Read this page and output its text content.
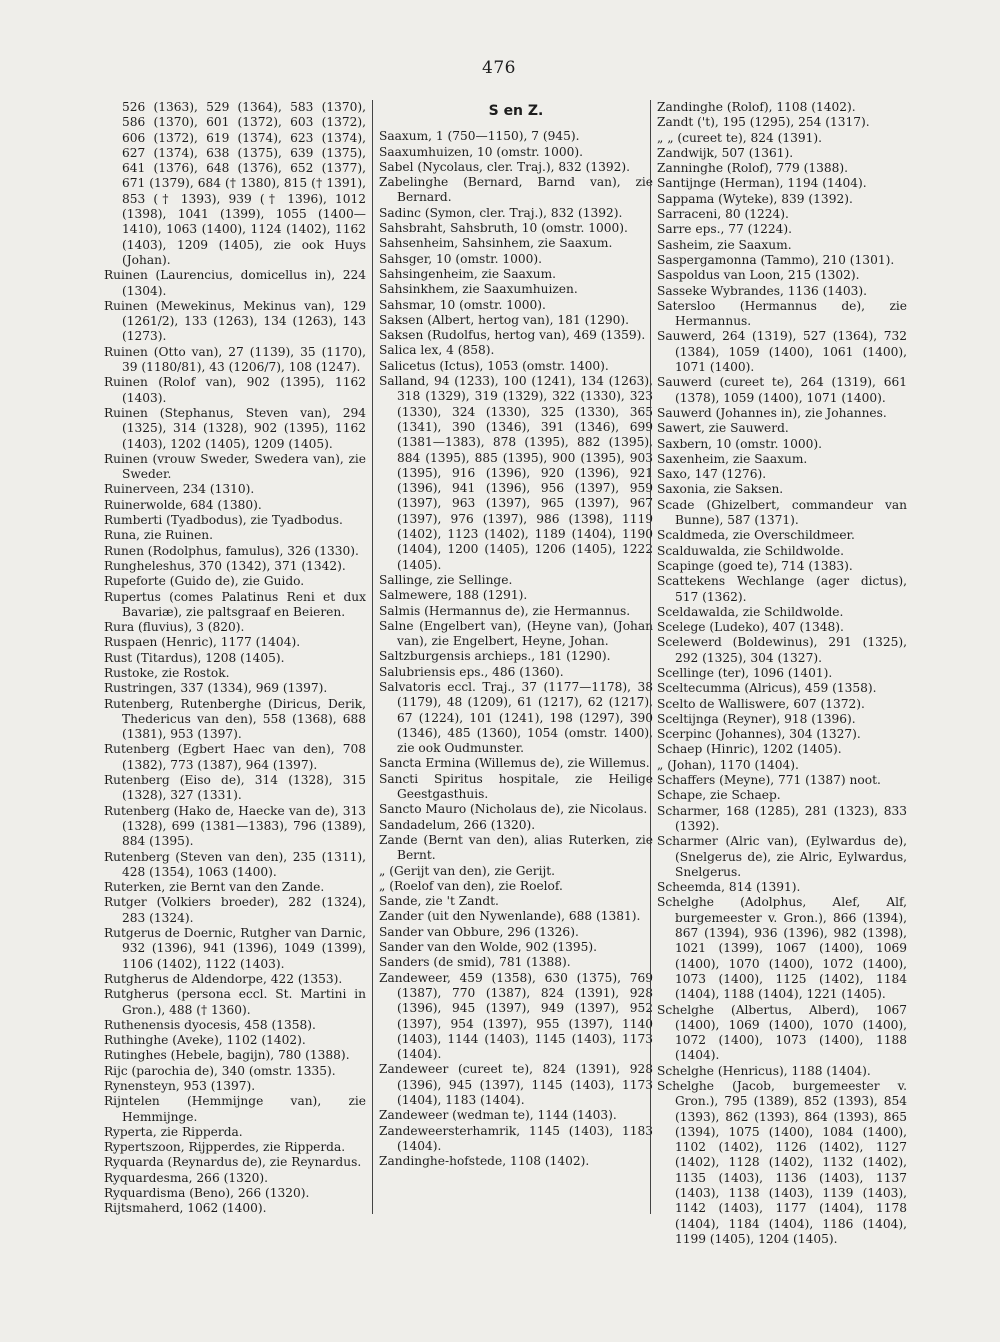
476

526 (1363), 529 (1364), 583 (1370), 586 (1370), 601 (1372), 603 (1372), 606 (1372), 619 (1374), 623 (1374), 627 (1374), 638 (1375), 639 (1375), 641 (1376), 648 (1376), 652 (1377), 671 (1379), 684 († 1380), 815 († 1391), 853 († 1393), 939 († 1396), 1012 (1398), 1041 (1399), 1055 (1400—1410), 1063 (1400), 1124 (1402), 1162 (1403), 1209 (1405), zie ook Huys (Johan).

Ruinen (Laurencius, domicellus in), 224 (1304).

Ruinen (Mewekinus, Mekinus van), 129 (1261/2), 133 (1263), 134 (1263), 143 (1273).

Ruinen (Otto van), 27 (1139), 35 (1170), 39 (1180/81), 43 (1206/7), 108 (1247).

Ruinen (Rolof van), 902 (1395), 1162 (1403).

Ruinen (Stephanus, Steven van), 294 (1325), 314 (1328), 902 (1395), 1162 (1403), 1202 (1405), 1209 (1405).

Ruinen (vrouw Sweder, Swedera van), zie Sweder.

Ruinerveen, 234 (1310).

Ruinerwolde, 684 (1380).

Rumberti (Tyadbodus), zie Tyadbodus.

Runa, zie Ruinen.

Runen (Rodolphus, famulus), 326 (1330).

Rungheleshus, 370 (1342), 371 (1342).

Rupeforte (Guido de), zie Guido.

Rupertus (comes Palatinus Reni et dux Bavariæ), zie paltsgraaf en Beieren.

Rura (fluvius), 3 (820).

Ruspaen (Henric), 1177 (1404).

Rust (Titardus), 1208 (1405).

Rustoke, zie Rostok.

Rustringen, 337 (1334), 969 (1397).

Rutenberg, Rutenberghe (Diricus, Derik, Thedericus van den), 558 (1368), 688 (1381), 953 (1397).

Rutenberg (Egbert Haec van den), 708 (1382), 773 (1387), 964 (1397).

Rutenberg (Eiso de), 314 (1328), 315 (1328), 327 (1331).

Rutenberg (Hako de, Haecke van de), 313 (1328), 699 (1381—1383), 796 (1389), 884 (1395).

Rutenberg (Steven van den), 235 (1311), 428 (1354), 1063 (1400).

Ruterken, zie Bernt van den Zande.

Rutger (Volkiers broeder), 282 (1324), 283 (1324).

Rutgerus de Doernic, Rutgher van Darnic, 932 (1396), 941 (1396), 1049 (1399), 1106 (1402), 1122 (1403).

Rutgherus de Aldendorpe, 422 (1353).

Rutgherus (persona eccl. St. Martini in Gron.), 488 († 1360).

Ruthenensis dyocesis, 458 (1358).

Ruthinghe (Aveke), 1102 (1402).

Rutinghes (Hebele, bagijn), 780 (1388).

Rijc (parochia de), 340 (omstr. 1335).

Rynensteyn, 953 (1397).

Rijntelen (Hemmijnge van), zie Hemmijnge.

Ryperta, zie Ripperda.

Rypertszoon, Rijpperdes, zie Ripperda.

Ryquarda (Reynardus de), zie Reynardus.

Ryquardesma, 266 (1320).

Ryquardisma (Beno), 266 (1320).

Rijtsmaherd, 1062 (1400).

S en Z.

Saaxum, 1 (750—1150), 7 (945).

Saaxumhuizen, 10 (omstr. 1000).

Sabel (Nycolaus, cler. Traj.), 832 (1392).

Zabelinghe (Bernard, Barnd van), zie Bernard.

Sadinc (Symon, cler. Traj.), 832 (1392).

Sahsbraht, Sahsbruth, 10 (omstr. 1000).

Sahsenheim, Sahsinhem, zie Saaxum.

Sahsger, 10 (omstr. 1000).

Sahsingenheim, zie Saaxum.

Sahsinkhem, zie Saaxumhuizen.

Sahsmar, 10 (omstr. 1000).

Saksen (Albert, hertog van), 181 (1290).

Saksen (Rudolfus, hertog van), 469 (1359).

Salica lex, 4 (858).

Salicetus (Ictus), 1053 (omstr. 1400).

Salland, 94 (1233), 100 (1241), 134 (1263), 318 (1329), 319 (1329), 322 (1330), 323 (1330), 324 (1330), 325 (1330), 365 (1341), 390 (1346), 391 (1346), 699 (1381—1383), 878 (1395), 882 (1395), 884 (1395), 885 (1395), 900 (1395), 903 (1395), 916 (1396), 920 (1396), 921 (1396), 941 (1396), 956 (1397), 959 (1397), 963 (1397), 965 (1397), 967 (1397), 976 (1397), 986 (1398), 1119 (1402), 1123 (1402), 1189 (1404), 1190 (1404), 1200 (1405), 1206 (1405), 1222 (1405).

Sallinge, zie Sellinge.

Salmewere, 188 (1291).

Salmis (Hermannus de), zie Hermannus.

Salne (Engelbert van), (Heyne van), (Johan van), zie Engelbert, Heyne, Johan.

Saltzburgensis archieps., 181 (1290).

Salubriensis eps., 486 (1360).

Salvatoris eccl. Traj., 37 (1177—1178), 38 (1179), 48 (1209), 61 (1217), 62 (1217), 67 (1224), 101 (1241), 198 (1297), 390 (1346), 485 (1360), 1054 (omstr. 1400), zie ook Oudmunster.

Sancta Ermina (Willemus de), zie Willemus.

Sancti Spiritus hospitale, zie Heilige Geestgasthuis.

Sancto Mauro (Nicholaus de), zie Nicolaus.

Sandadelum, 266 (1320).

Zande (Bernt van den), alias Ruterken, zie Bernt.

„ (Gerijt van den), zie Gerijt.

„ (Roelof van den), zie Roelof.

Sande, zie 't Zandt.

Zander (uit den Nywenlande), 688 (1381).

Sander van Obbure, 296 (1326).

Sander van den Wolde, 902 (1395).

Sanders (de smid), 781 (1388).

Zandeweer, 459 (1358), 630 (1375), 769 (1387), 770 (1387), 824 (1391), 928 (1396), 945 (1397), 949 (1397), 952 (1397), 954 (1397), 955 (1397), 1140 (1403), 1144 (1403), 1145 (1403), 1173 (1404).

Zandeweer (cureet te), 824 (1391), 928 (1396), 945 (1397), 1145 (1403), 1173 (1404), 1183 (1404).

Zandeweer (wedman te), 1144 (1403).

Zandeweersterhamrik, 1145 (1403), 1183 (1404).

Zandinghe-hofstede, 1108 (1402).

Zandinghe (Rolof), 1108 (1402).

Zandt ('t), 195 (1295), 254 (1317).

„ „ (cureet te), 824 (1391).

Zandwijk, 507 (1361).

Zanninghe (Rolof), 779 (1388).

Santijnge (Herman), 1194 (1404).

Sappama (Wyteke), 839 (1392).

Sarraceni, 80 (1224).

Sarre eps., 77 (1224).

Sasheim, zie Saaxum.

Saspergamonna (Tammo), 210 (1301).

Saspoldus van Loon, 215 (1302).

Sasseke Wybrandes, 1136 (1403).

Satersloo (Hermannus de), zie Hermannus.

Sauwerd, 264 (1319), 527 (1364), 732 (1384), 1059 (1400), 1061 (1400), 1071 (1400).

Sauwerd (cureet te), 264 (1319), 661 (1378), 1059 (1400), 1071 (1400).

Sauwerd (Johannes in), zie Johannes.

Sawert, zie Sauwerd.

Saxbern, 10 (omstr. 1000).

Saxenheim, zie Saaxum.

Saxo, 147 (1276).

Saxonia, zie Saksen.

Scade (Ghizelbert, commandeur van Bunne), 587 (1371).

Scaldmeda, zie Overschildmeer.

Scalduwalda, zie Schildwolde.

Scapinge (goed te), 714 (1383).

Scattekens Wechlange (ager dictus), 517 (1362).

Sceldawalda, zie Schildwolde.

Scelege (Ludeko), 407 (1348).

Scelewerd (Boldewinus), 291 (1325), 292 (1325), 304 (1327).

Scellinge (ter), 1096 (1401).

Sceltecumma (Alricus), 459 (1358).

Scelto de Walliswere, 607 (1372).

Sceltijnga (Reyner), 918 (1396).

Scerpinc (Johannes), 304 (1327).

Schaep (Hinric), 1202 (1405).

„ (Johan), 1170 (1404).

Schaffers (Meyne), 771 (1387) noot.

Schape, zie Schaep.

Scharmer, 168 (1285), 281 (1323), 833 (1392).

Scharmer (Alric van), (Eylwardus de), (Snelgerus de), zie Alric, Eylwardus, Snelgerus.

Scheemda, 814 (1391).

Schelghe (Adolphus, Alef, Alf, burgemeester v. Gron.), 866 (1394), 867 (1394), 936 (1396), 982 (1398), 1021 (1399), 1067 (1400), 1069 (1400), 1070 (1400), 1072 (1400), 1073 (1400), 1125 (1402), 1184 (1404), 1188 (1404), 1221 (1405).

Schelghe (Albertus, Alberd), 1067 (1400), 1069 (1400), 1070 (1400), 1072 (1400), 1073 (1400), 1188 (1404).

Schelghe (Henricus), 1188 (1404).

Schelghe (Jacob, burgemeester v. Gron.), 795 (1389), 852 (1393), 854 (1393), 862 (1393), 864 (1393), 865 (1394), 1075 (1400), 1084 (1400), 1102 (1402), 1126 (1402), 1127 (1402), 1128 (1402), 1132 (1402), 1135 (1403), 1136 (1403), 1137 (1403), 1138 (1403), 1139 (1403), 1142 (1403), 1177 (1404), 1178 (1404), 1184 (1404), 1186 (1404), 1199 (1405), 1204 (1405).
